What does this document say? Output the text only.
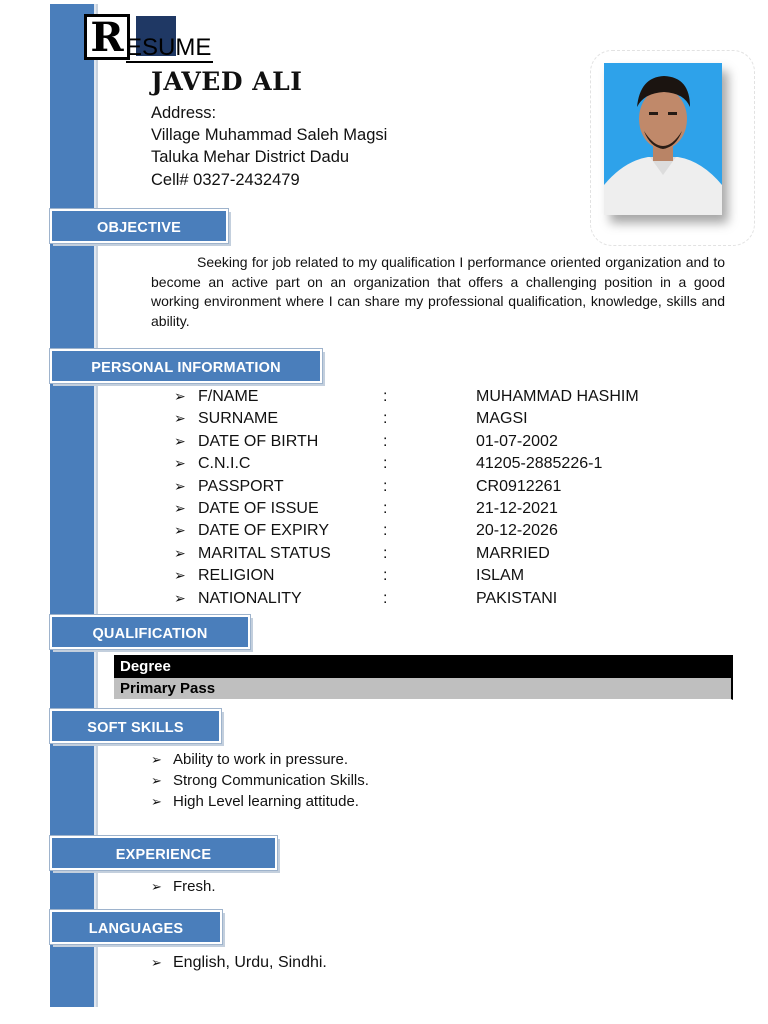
R ESUME
JAVED ALI
Address:
Village Muhammad Saleh Magsi
Taluka Mehar District Dadu
Cell# 0327-2432479
OBJECTIVE
Seeking for job related to my qualification I performance oriented organization and to become an active part on an organization that offers a challenging position in a good working environment where I can share my professional qualification, knowledge, skills and ability.
PERSONAL INFORMATION
➢ F/NAME	:	MUHAMMAD HASHIM
➢ SURNAME	:	MAGSI
➢ DATE OF BIRTH	:	01-07-2002
➢ C.N.I.C	:	41205-2885226-1
➢ PASSPORT	:	CR0912261
➢ DATE OF ISSUE	:	21-12-2021
➢ DATE OF EXPIRY	:	20-12-2026
➢ MARITAL STATUS	:	MARRIED
➢ RELIGION	:	ISLAM
➢ NATIONALITY	:	PAKISTANI
QUALIFICATION
Degree
Primary Pass
SOFT SKILLS
➢ Ability to work in pressure.
➢ Strong Communication Skills.
➢ High Level learning attitude.
EXPERIENCE
➢ Fresh.
LANGUAGES
➢ English, Urdu, Sindhi.
